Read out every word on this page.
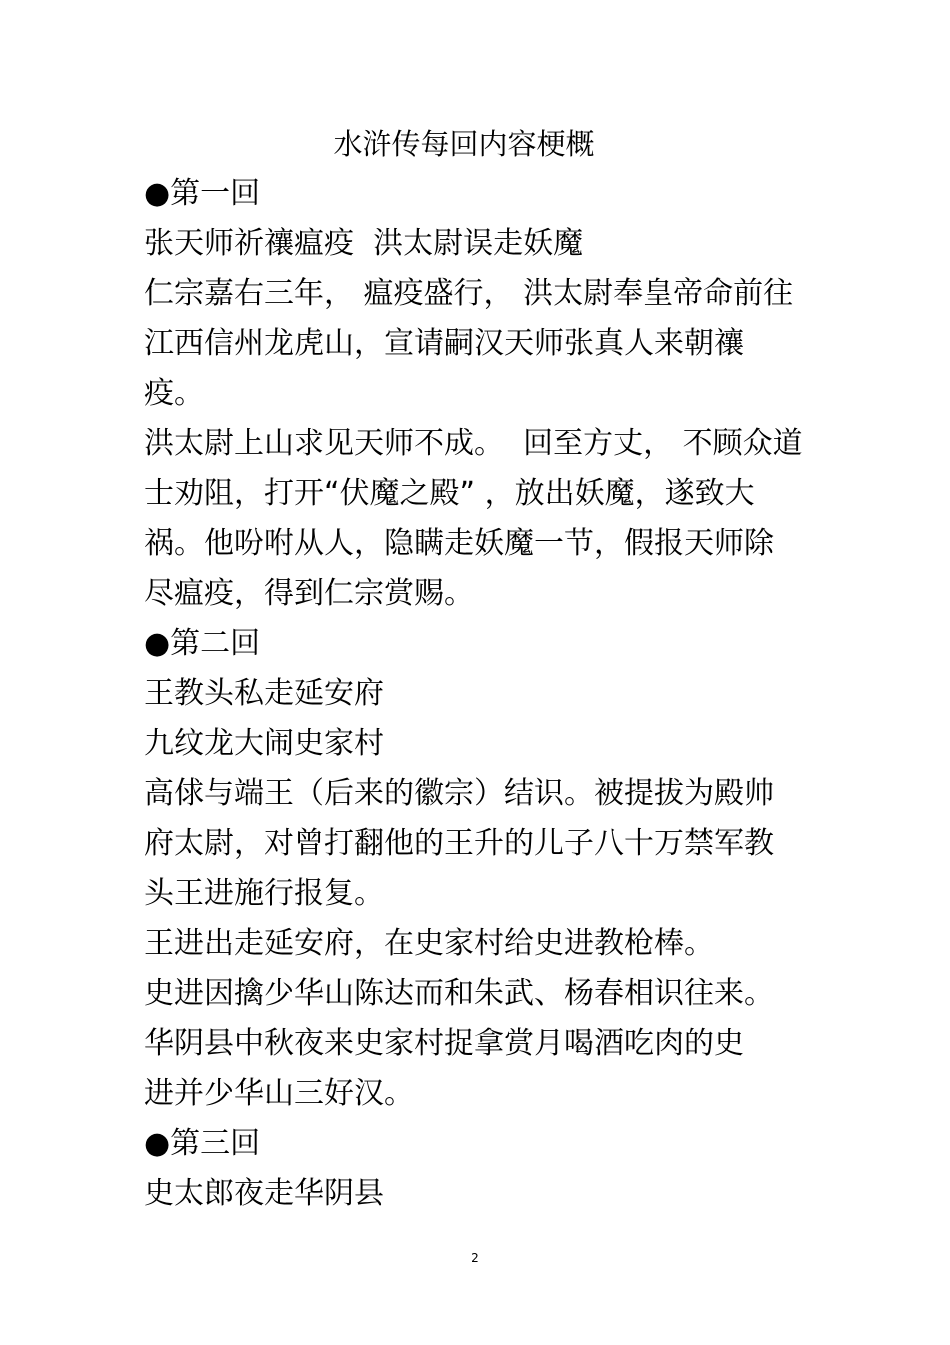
水浒传每回内容梗概
●第一回
张天师祈禳瘟疫  洪太尉误走妖魔
仁宗嘉右三年， 瘟疫盛行， 洪太尉奉皇帝命前往
江西信州龙虎山，宣请嗣汉天师张真人来朝禳
疫。
洪太尉上山求见天师不成。  回至方丈， 不顾众道
士劝阻，打开“伏魔之殿” ，放出妖魔，遂致大
祸。他吩咐从人，隐瞒走妖魔一节，假报天师除
尽瘟疫，得到仁宗赏赐。
●第二回
王教头私走延安府
九纹龙大闹史家村
高俅与端王（后来的徽宗）结识。被提拔为殿帅
府太尉，对曾打翻他的王升的儿子八十万禁军教
头王进施行报复。
王进出走延安府，在史家村给史进教枪棒。
史进因擒少华山陈达而和朱武、杨春相识往来。
华阴县中秋夜来史家村捉拿赏月喝酒吃肉的史
进并少华山三好汉。
●第三回
史太郎夜走华阴县
2
